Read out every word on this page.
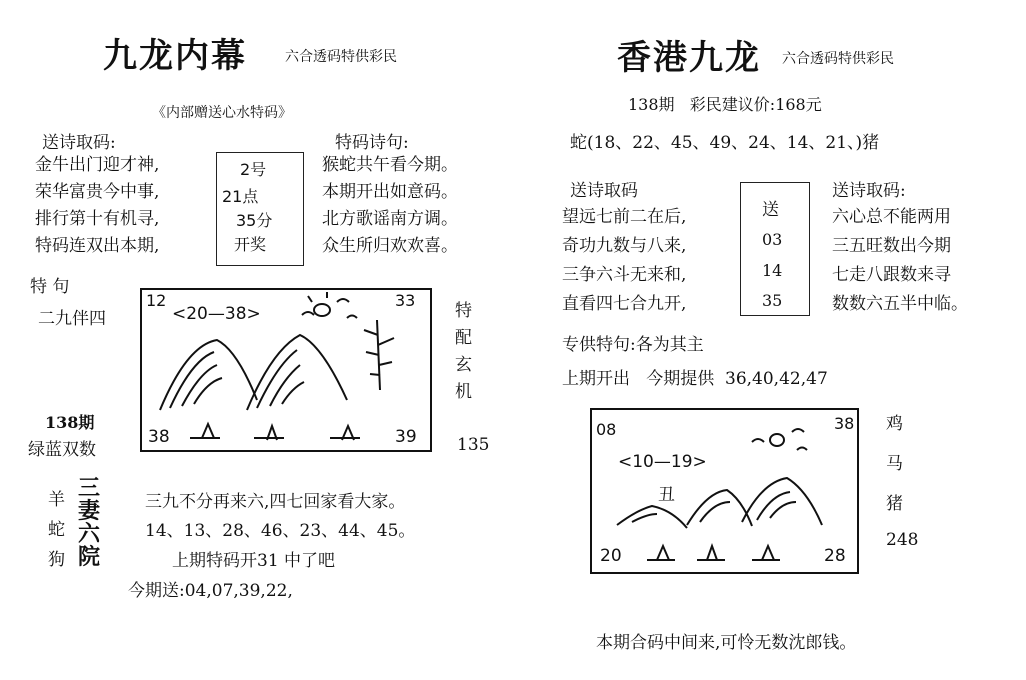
九龙内幕	六合透码特供彩民
《内部赠送心水特码》
送诗取码:	特码诗句:
金牛出门迎才神,
荣华富贵今中事,
排行第十有机寻,
特码连双出本期,
2号
21点
35分
开奖
猴蛇共午看今期。
本期开出如意码。
北方歌谣南方调。
众生所归欢欢喜。
特 句
二九伴四
138期
绿蓝双数
12
<20—38>
33
38	39
特
配
玄
机
135
羊
蛇
狗
三
妻
六
院
三九不分再来六,四七回家看大家。
14、13、28、46、23、44、45。
上期特码开31 中了吧
今期送:04,07,39,22,
香港九龙 六合透码特供彩民
138期   彩民建议价:168元
蛇(18、22、45、49、24、14、21、)猪
送诗取码	送诗取码:
望远七前二在后,
奇功九数与八来,
三争六斗无来和,
直看四七合九开,
送
03
14
35
六心总不能两用
三五旺数出今期
七走八跟数来寻
数数六五半中临。
专供特句:各为其主
上期开出   今期提供  36,40,42,47
08	38
<10—19>
丑
20	28
鸡
马
猪
248
本期合码中间来,可怜无数沈郎钱。
